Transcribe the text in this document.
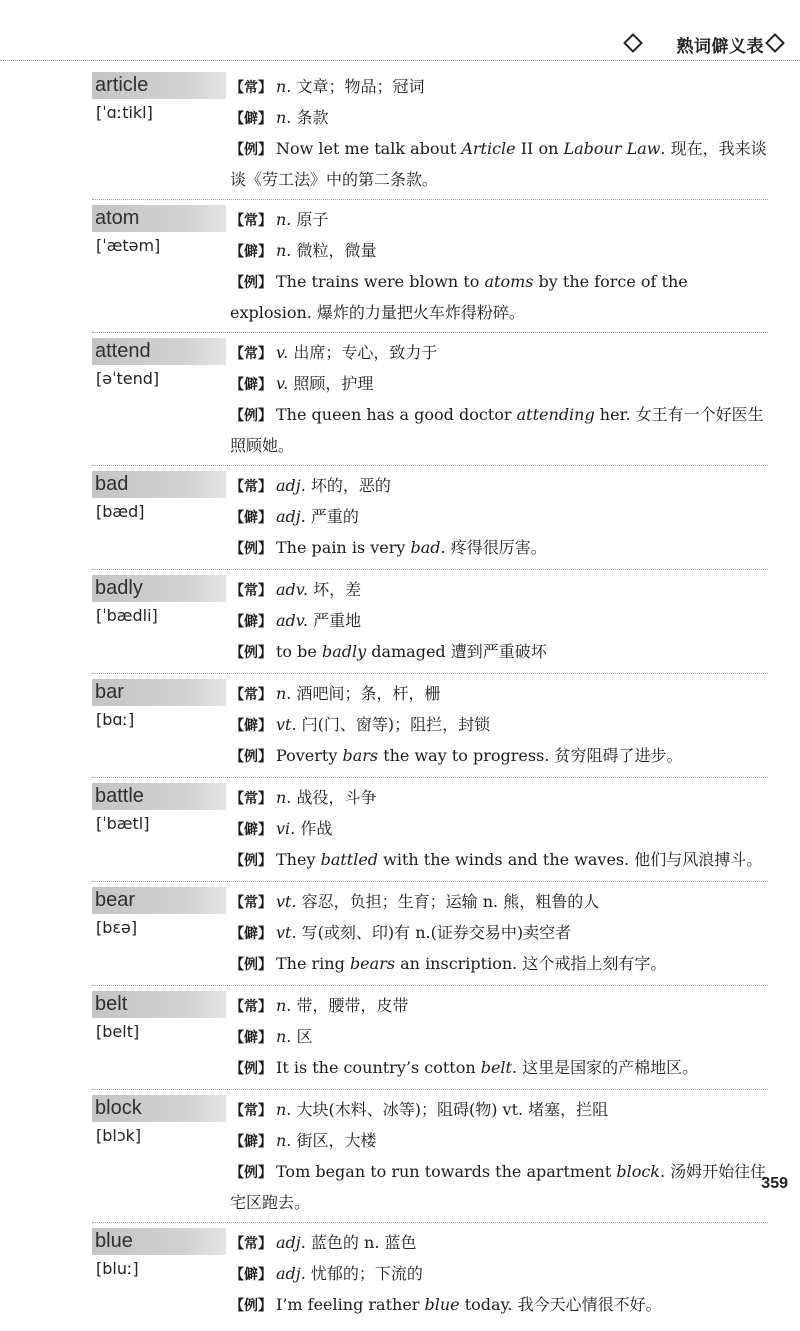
熟词僻义表
article
[ˈɑːtikl]
【常】 n. 文章；物品；冠词
【僻】 n. 条款
【例】 Now let me talk about Article II on Labour Law. 现在，我来谈谈《劳工法》中的第二条款。
atom
[ˈætəm]
【常】 n. 原子
【僻】 n. 微粒，微量
【例】 The trains were blown to atoms by the force of the explosion. 爆炸的力量把火车炸得粉碎。
attend
[əˈtend]
【常】 v. 出席；专心，致力于
【僻】 v. 照顾，护理
【例】 The queen has a good doctor attending her. 女王有一个好医生照顾她。
bad
[bæd]
【常】 adj. 坏的，恶的
【僻】 adj. 严重的
【例】 The pain is very bad. 疼得很厉害。
badly
[ˈbædli]
【常】 adv. 坏，差
【僻】 adv. 严重地
【例】 to be badly damaged 遭到严重破坏
bar
[bɑː]
【常】 n. 酒吧间；条，杆，栅
【僻】 vt. 闩(门、窗等)；阻拦，封锁
【例】 Poverty bars the way to progress. 贫穷阻碍了进步。
battle
[ˈbætl]
【常】 n. 战役，斗争
【僻】 vi. 作战
【例】 They battled with the winds and the waves. 他们与风浪搏斗。
bear
[bɛə]
【常】 vt. 容忍，负担；生育；运输 n. 熊，粗鲁的人
【僻】 vt. 写(或刻、印)有 n.(证券交易中)卖空者
【例】 The ring bears an inscription. 这个戒指上刻有字。
belt
[belt]
【常】 n. 带，腰带，皮带
【僻】 n. 区
【例】 It is the country’s cotton belt. 这里是国家的产棉地区。
block
[blɔk]
【常】 n. 大块(木料、冰等)；阻碍(物) vt. 堵塞，拦阻
【僻】 n. 街区，大楼
【例】 Tom began to run towards the apartment block. 汤姆开始往住宅区跑去。
blue
[bluː]
【常】 adj. 蓝色的 n. 蓝色
【僻】 adj. 忧郁的；下流的
【例】 I’m feeling rather blue today. 我今天心情很不好。
359
